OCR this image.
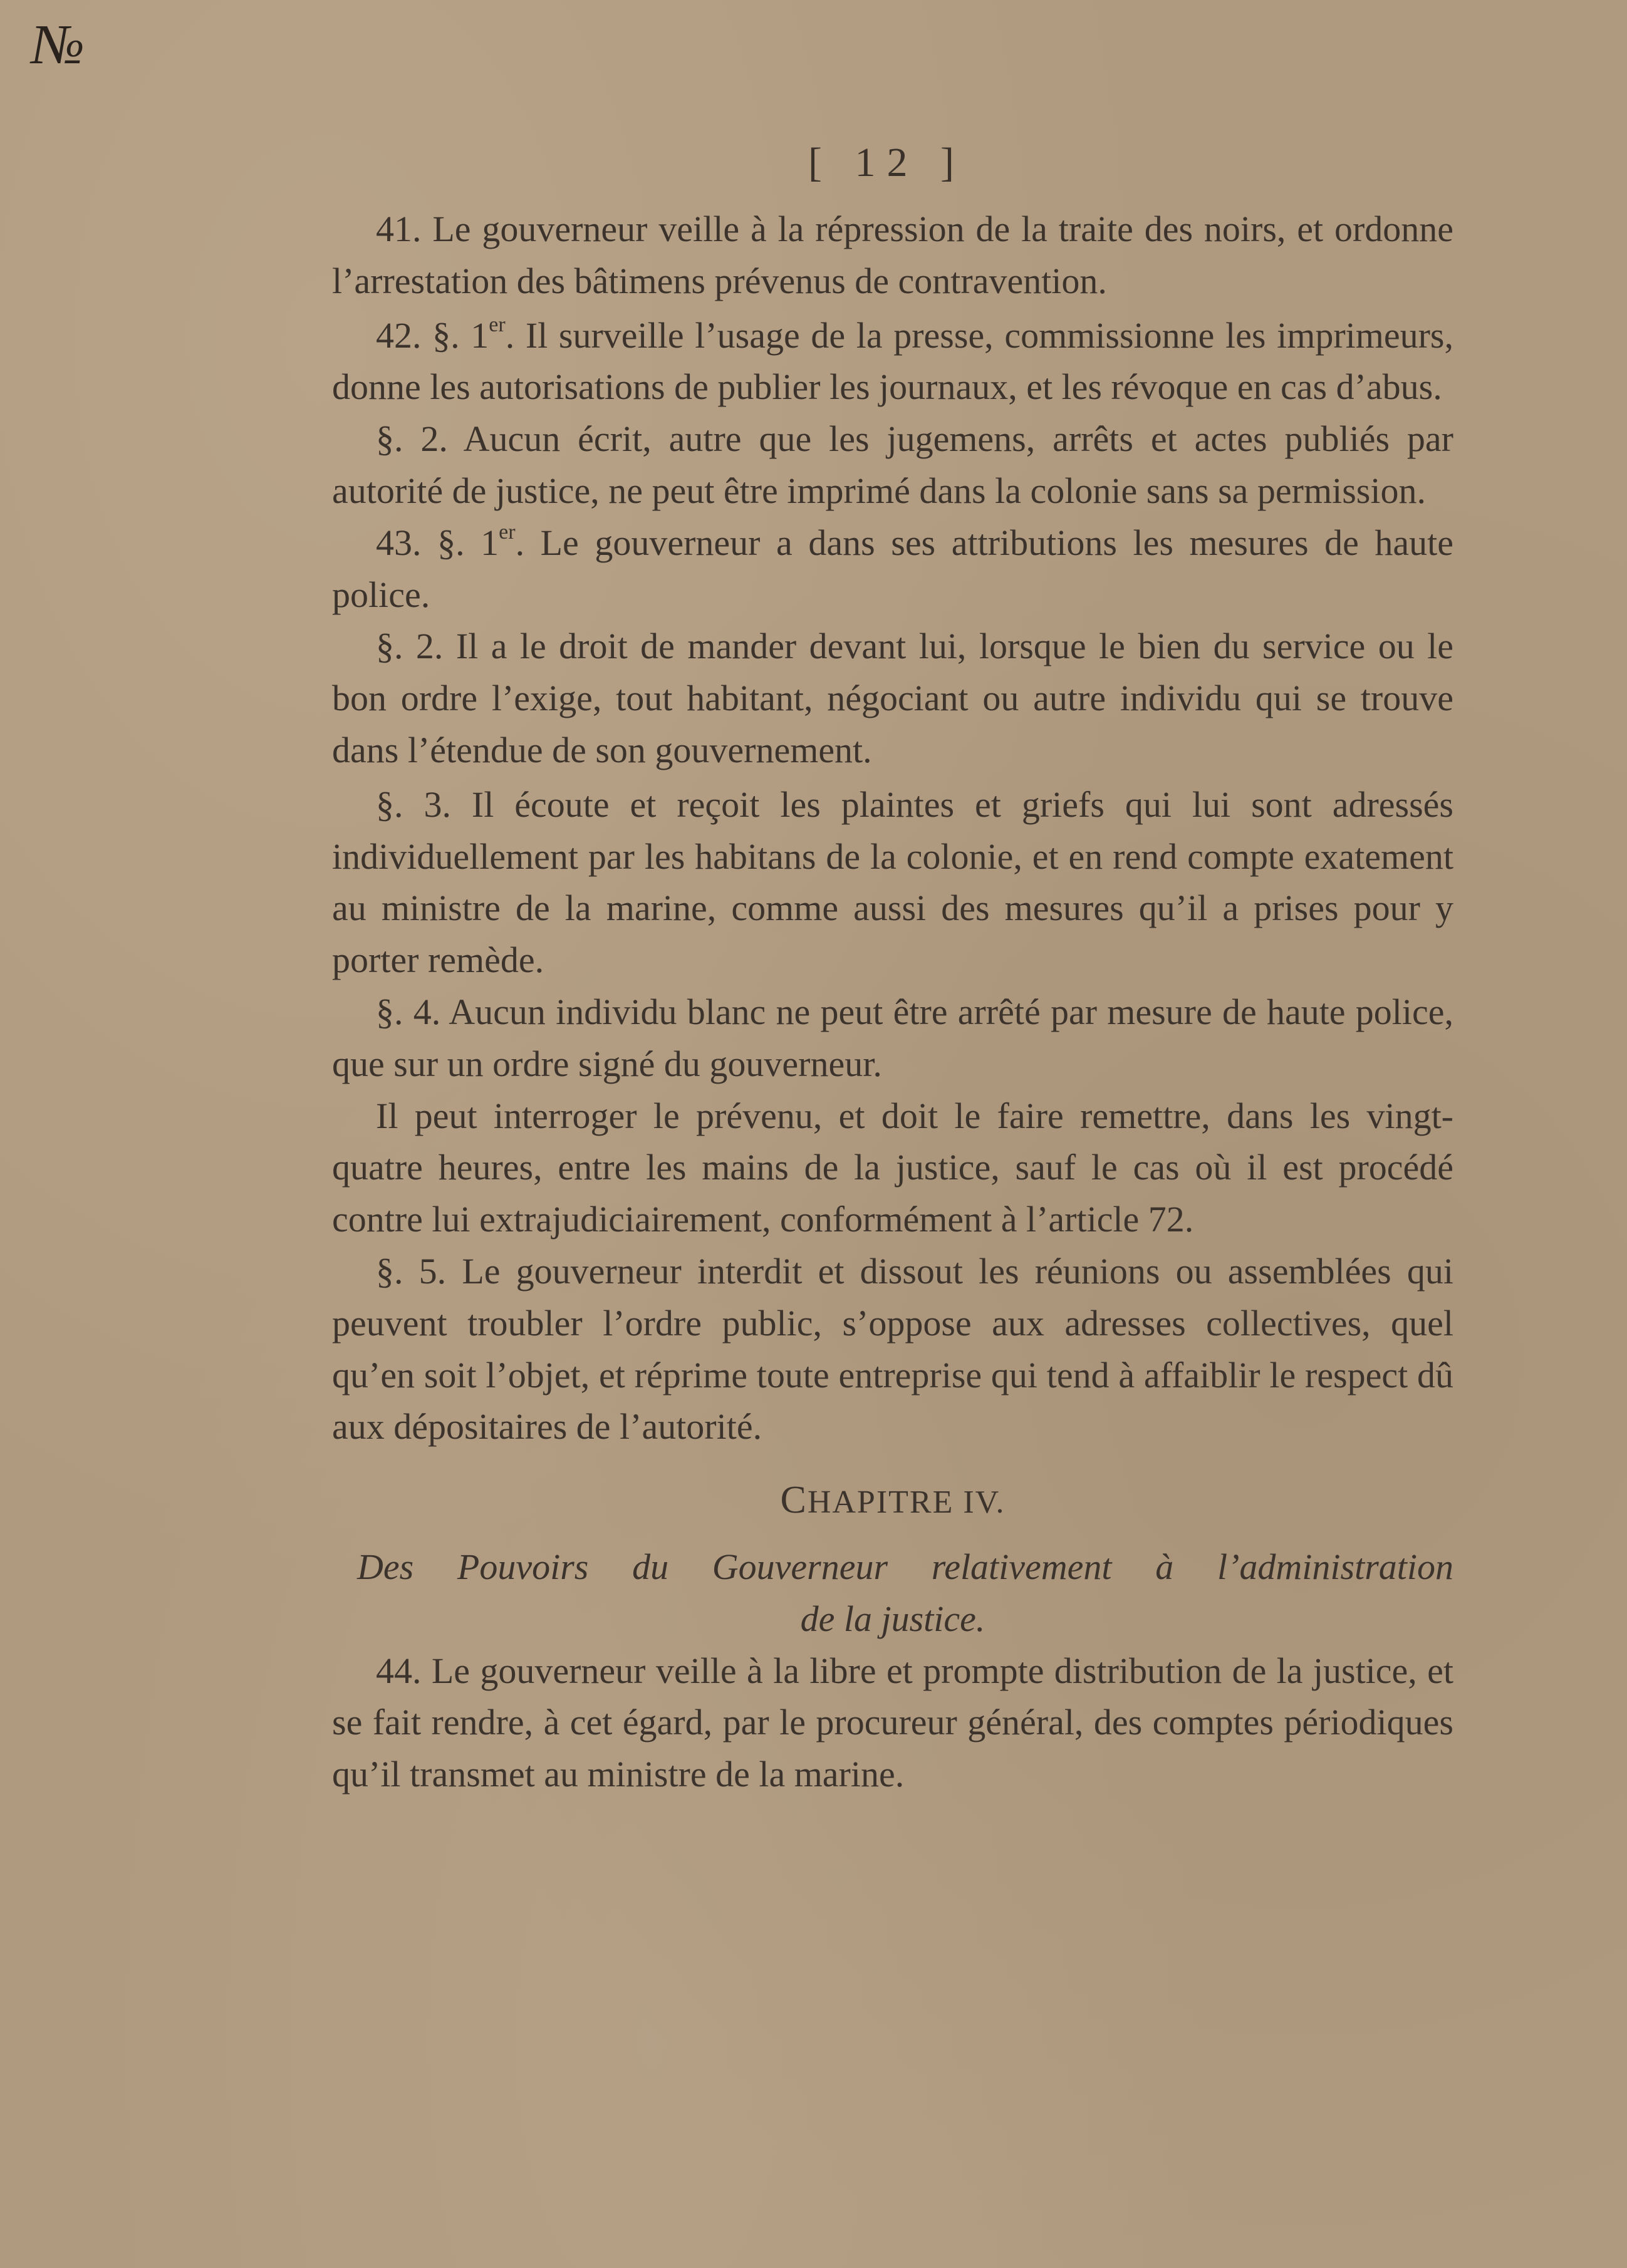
№
[ 12 ]

41. Le gouverneur veille à la répression de la traite des noirs, et ordonne l’arrestation des bâtimens prévenus de contravention.

42. §. 1er. Il surveille l’usage de la presse, commissionne les imprimeurs, donne les autorisations de publier les journaux, et les révoque en cas d’abus.

§. 2. Aucun écrit, autre que les jugemens, arrêts et actes publiés par autorité de justice, ne peut être imprimé dans la colonie sans sa permission.

43. §. 1er. Le gouverneur a dans ses attributions les mesures de haute police.

§. 2. Il a le droit de mander devant lui, lorsque le bien du service ou le bon ordre l’exige, tout habitant, négociant ou autre individu qui se trouve dans l’étendue de son gouvernement.

§. 3. Il écoute et reçoit les plaintes et griefs qui lui sont adressés individuellement par les habitans de la colonie, et en rend compte exatement au ministre de la marine, comme aussi des mesures qu’il a prises pour y porter remède.

§. 4. Aucun individu blanc ne peut être arrêté par mesure de haute police, que sur un ordre signé du gouverneur.

Il peut interroger le prévenu, et doit le faire remettre, dans les vingt-quatre heures, entre les mains de la justice, sauf le cas où il est procédé contre lui extrajudiciairement, conformément à l’article 72.

§. 5. Le gouverneur interdit et dissout les réunions ou assemblées qui peuvent troubler l’ordre public, s’oppose aux adresses collectives, quel qu’en soit l’objet, et réprime toute entreprise qui tend à affaiblir le respect dû aux dépositaires de l’autorité.

CHAPITRE IV.
Des Pouvoirs du Gouverneur relativement à l’administration
de la justice.

44. Le gouverneur veille à la libre et prompte distribution de la justice, et se fait rendre, à cet égard, par le procureur général, des comptes périodiques qu’il transmet au ministre de la marine.
